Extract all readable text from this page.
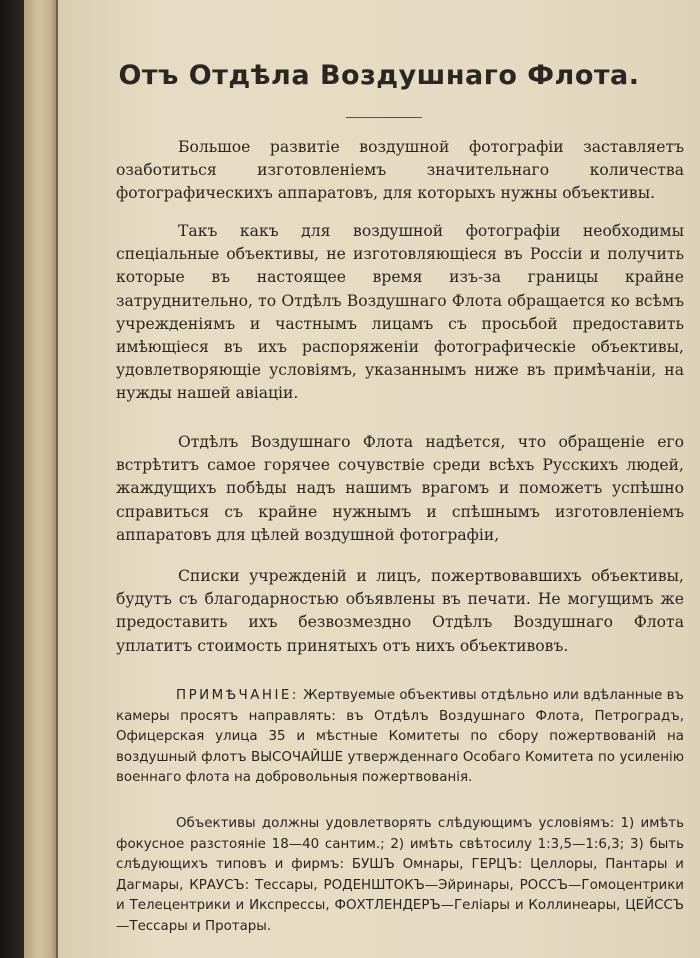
Отъ Отдѣла Воздушнаго Флота.

Большое развитіе воздушной фотографіи заставляетъ озаботиться изготовленіемъ значительнаго количества фотографическихъ аппаратовъ, для которыхъ нужны объективы.

Такъ какъ для воздушной фотографіи необходимы спеціальные объективы, не изготовляющіеся въ Россіи и получить которые въ настоящее время изъ-за границы крайне затруднительно, то Отдѣлъ Воздушнаго Флота обращается ко всѣмъ учрежденіямъ и частнымъ лицамъ съ просьбой предоставить имѣющіеся въ ихъ распоряженіи фотографическіе объективы, удовлетворяющіе условіямъ, указаннымъ ниже въ примѣчаніи, на нужды нашей авіаціи.

Отдѣлъ Воздушнаго Флота надѣется, что обращеніе его встрѣтитъ самое горячее сочувствіе среди всѣхъ Русскихъ людей, жаждущихъ побѣды надъ нашимъ врагомъ и поможетъ успѣшно справиться съ крайне нужнымъ и спѣшнымъ изготовленіемъ аппаратовъ для цѣлей воздушной фотографіи,

Списки учрежденій и лицъ, пожертвовавшихъ объективы, будутъ съ благодарностью объявлены въ печати. Не могущимъ же предоставить ихъ безвозмездно Отдѣлъ Воздушнаго Флота уплатитъ стоимость принятыхъ отъ нихъ объективовъ.

ПРИМѢЧАНІЕ: Жертвуемые объективы отдѣльно или вдѣланные въ камеры просятъ направлять: въ Отдѣлъ Воздушнаго Флота, Петроградъ, Офицерская улица 35 и мѣстные Комитеты по сбору пожертвованій на воздушный флотъ ВЫСОЧАЙШЕ утвержденнаго Особаго Комитета по усиленію военнаго флота на добровольныя пожертвованія.

Объективы должны удовлетворять слѣдующимъ условіямъ: 1) имѣть фокусное разстояніе 18—40 сантим.; 2) имѣть свѣтосилу 1:3,5—1:6,3; 3) быть слѣдующихъ типовъ и фирмъ: БУШЪ Омнары, ГЕРЦЪ: Целлоры, Пантары и Дагмары, КРАУСЪ: Тессары, РОДЕНШТОКЪ—Эйринары, РОССЪ—Гомоцентрики и Телецентрики и Икспрессы, ФОХТЛЕНДЕРЪ—Геліары и Коллинеары, ЦЕЙССЪ—Тессары и Протары.
